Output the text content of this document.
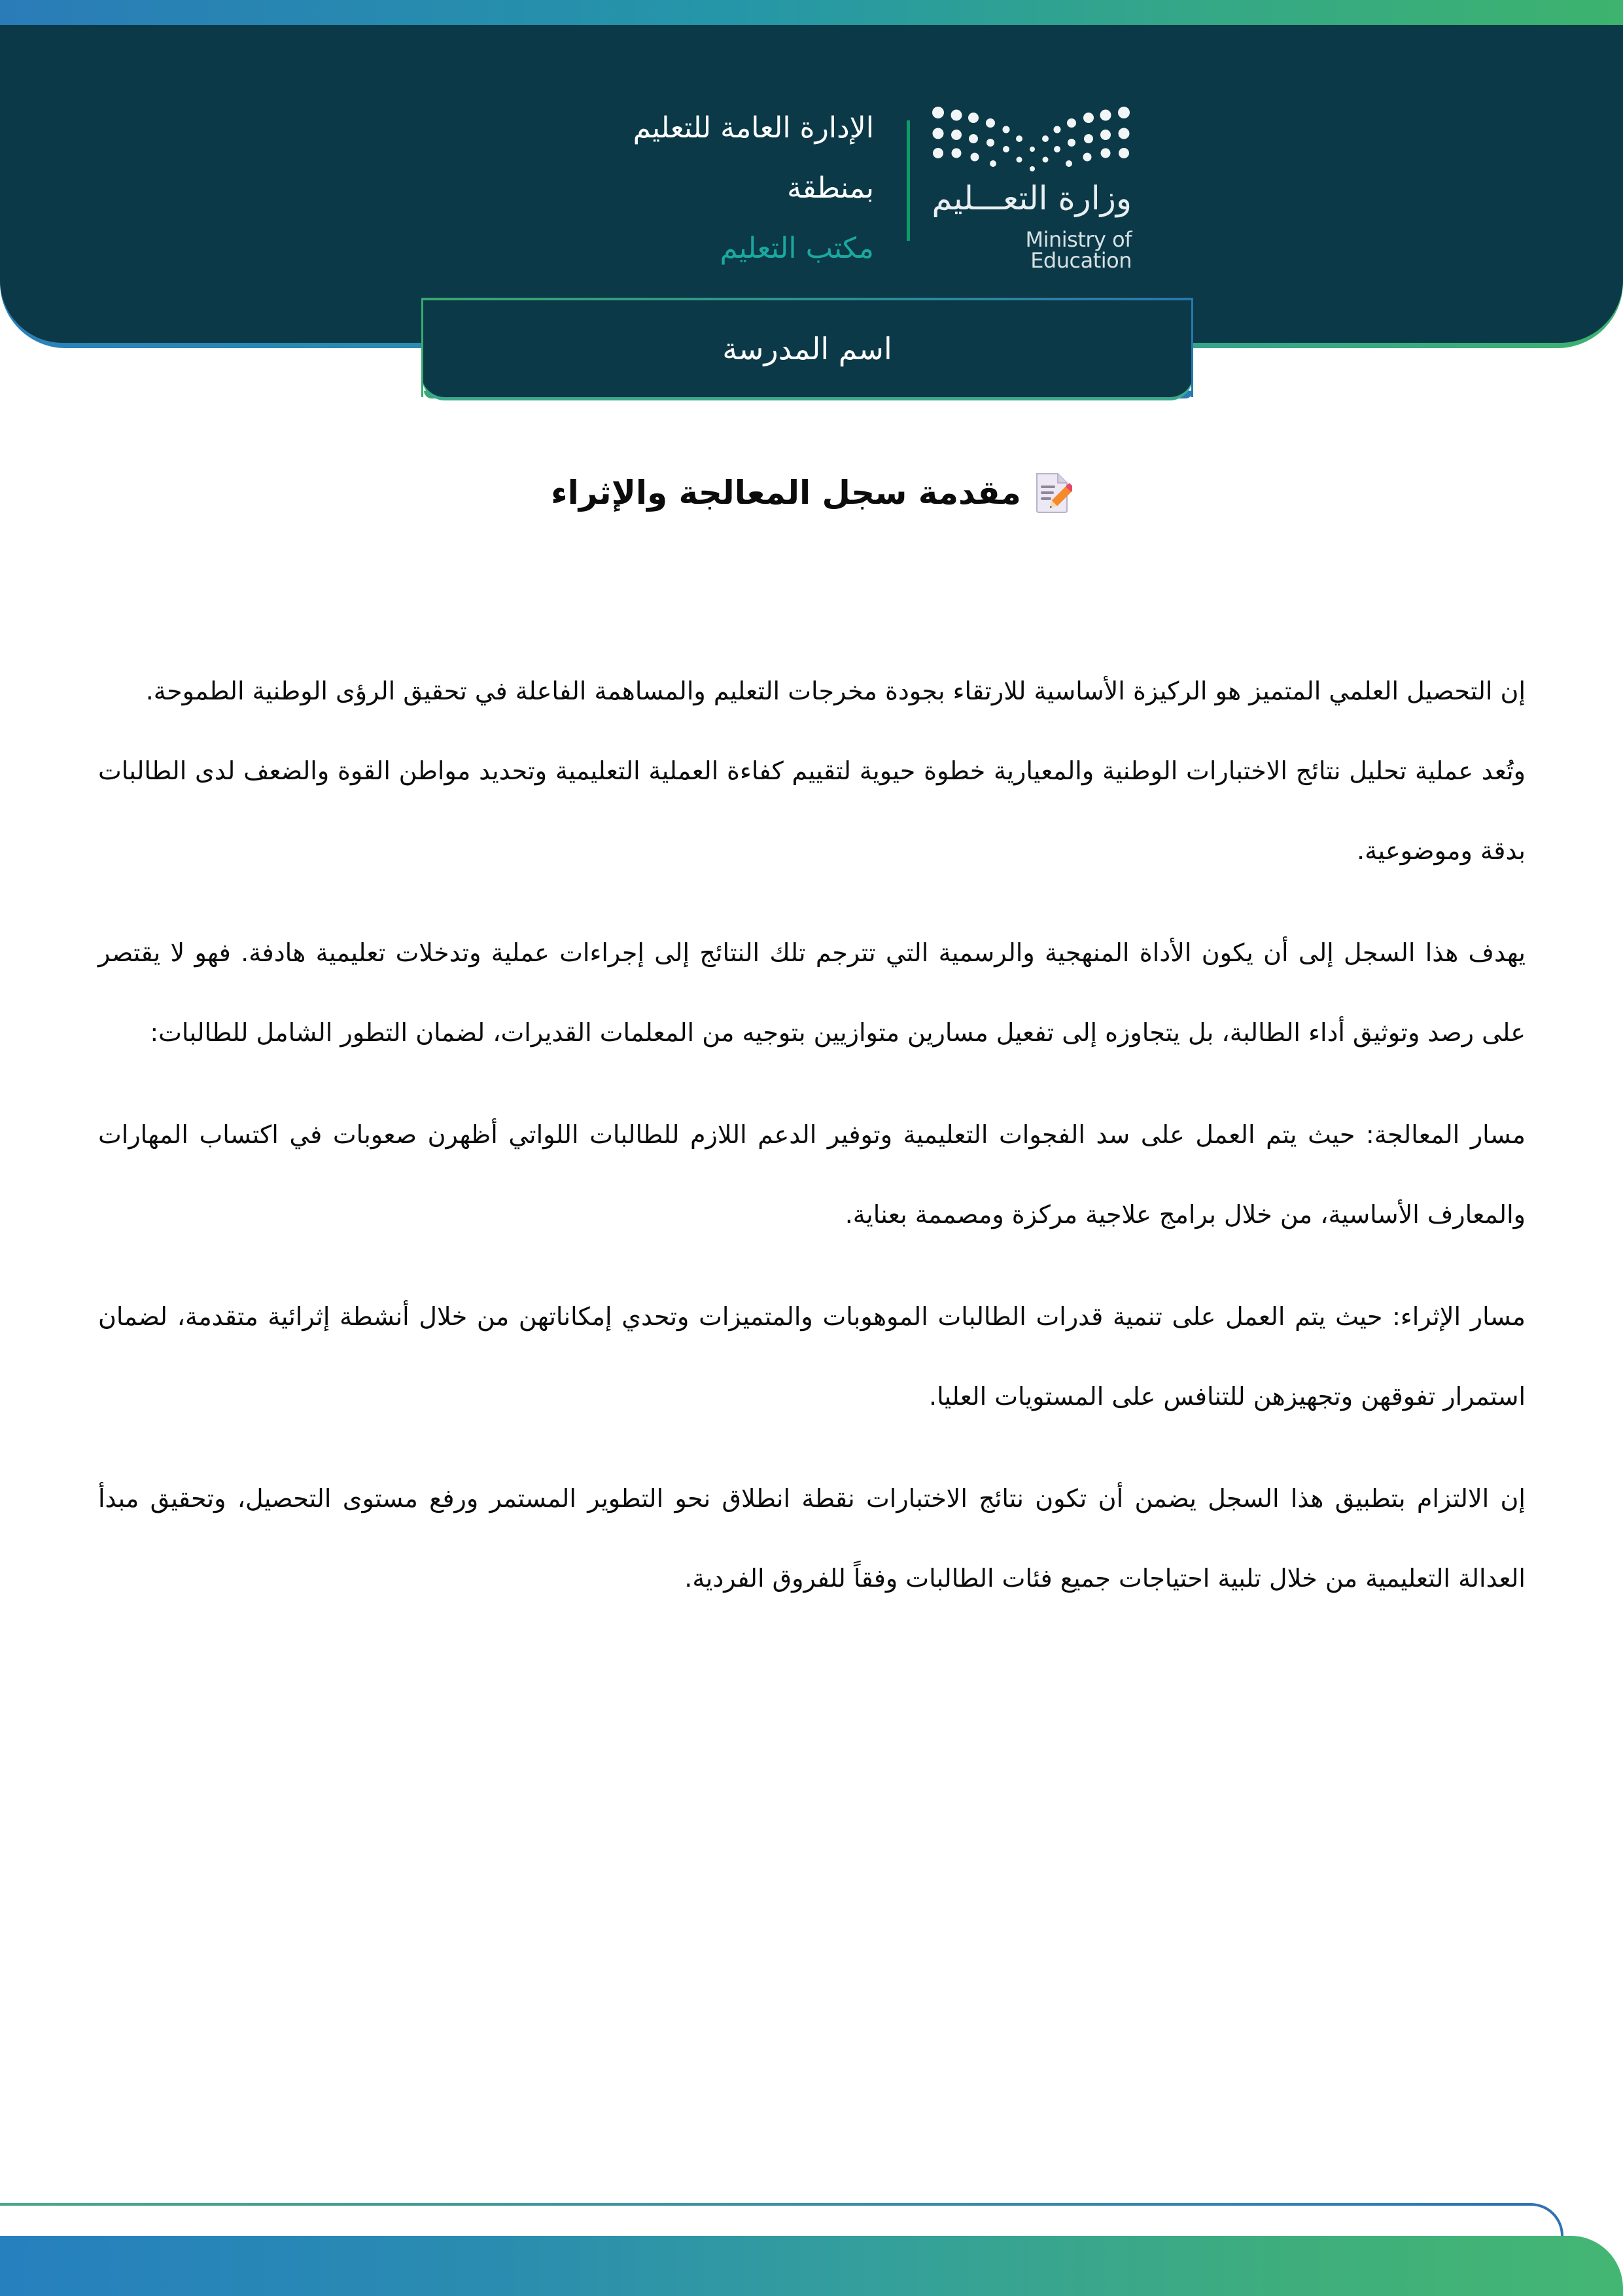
وزارة التعـــليم
Ministry of Education
الإدارة العامة للتعليم
بمنطقة
مكتب التعليم
اسم المدرسة
مقدمة سجل المعالجة والإثراء

إن التحصيل العلمي المتميز هو الركيزة الأساسية للارتقاء بجودة مخرجات التعليم والمساهمة الفاعلة في تحقيق الرؤى الوطنية الطموحة.

وتُعد عملية تحليل نتائج الاختبارات الوطنية والمعيارية خطوة حيوية لتقييم كفاءة العملية التعليمية وتحديد مواطن القوة والضعف لدى الطالبات بدقة وموضوعية.

يهدف هذا السجل إلى أن يكون الأداة المنهجية والرسمية التي تترجم تلك النتائج إلى إجراءات عملية وتدخلات تعليمية هادفة. فهو لا يقتصر على رصد وتوثيق أداء الطالبة، بل يتجاوزه إلى تفعيل مسارين متوازيين بتوجيه من المعلمات القديرات، لضمان التطور الشامل للطالبات:

مسار المعالجة: حيث يتم العمل على سد الفجوات التعليمية وتوفير الدعم اللازم للطالبات اللواتي أظهرن صعوبات في اكتساب المهارات والمعارف الأساسية، من خلال برامج علاجية مركزة ومصممة بعناية.

مسار الإثراء: حيث يتم العمل على تنمية قدرات الطالبات الموهوبات والمتميزات وتحدي إمكاناتهن من خلال أنشطة إثرائية متقدمة، لضمان استمرار تفوقهن وتجهيزهن للتنافس على المستويات العليا.

إن الالتزام بتطبيق هذا السجل يضمن أن تكون نتائج الاختبارات نقطة انطلاق نحو التطوير المستمر ورفع مستوى التحصيل، وتحقيق مبدأ العدالة التعليمية من خلال تلبية احتياجات جميع فئات الطالبات وفقاً للفروق الفردية.
